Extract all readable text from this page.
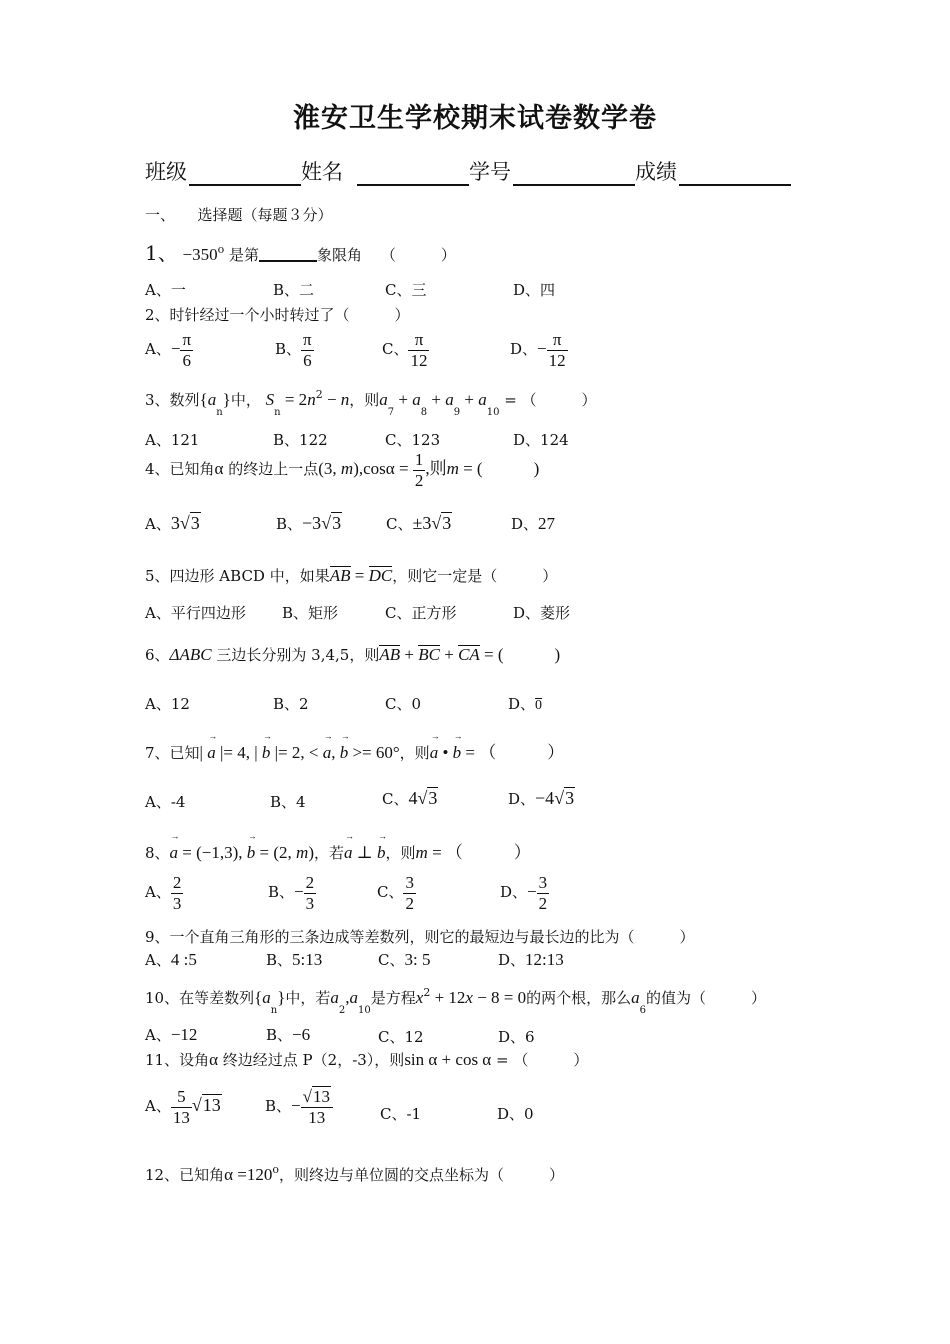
淮安卫生学校期末试卷数学卷
班级	姓名	学号	成绩
一、　　选择题（每题３分）
1、 $-350^o$ 是第	象限角 （　　　）
A、一	B、二	C、三	D、四
2、时针经过一个小时转过了（　　　）
A、− $\frac{\pi}{6}$	B、 $\frac{\pi}{6}$	C、 $\frac{\pi}{12}$	D、− $\frac{\pi}{12}$
3、数列$\{a_n\}$中， $S_n = 2n^2 - n$，则$a_7 + a_8 + a_9 + a_{10}$ = （　　　）
A、121	B、122	C、123	D、124
4、已知角α 的终边上一点(3, $m),\cos\alpha = \frac{1}{2}$ ,则m = (　　　)
A、3√3	B、−3√3	C、±3√3	D、27
5、四边形 ABCD 中，如果AB = DC，则它一定是（　　　）
A、平行四边形 B、矩形	C、正方形	D、菱形
6、ΔABC 三边长分别为 3,4,5，则AB + BC + CA = (　　　)
A、12	B、2	C、0	D、0
7、已知| → a |= 4, | → b |= 2, < → a, → b >= 60°，则→ a • → b = （　　　）
A、-4	B、4	C、4√3	D、−4√3
8、→ a = (−1,3), → b = (2, m)，若→ a ⊥ → b，则m = （　　　）
A、 $\frac{2}{3}$	B、− $\frac{2}{3}$	C、 $\frac{3}{2}$	D、− $\frac{3}{2}$
9、一个直角三角形的三条边成等差数列，则它的最短边与最长边的比为（　　　）
A、4 :5	B、5:13	C、3: 5	D、12:13
10、在等差数列$\{a_n\}$中，若$a_2,a_{10}$是方程$x^2 + 12x - 8 = 0$的两个根，那么$a_6$的值为（　　　）
A、−12	B、−6	C、12	D、6
11、设角α 终边经过点 P（2，-3），则sin α + cos α = （　　　）
A、 $\frac{5}{13} √13$	B、− $\frac{√13}{13}$	C、-1	D、0
12、已知角$\alpha =120^o$，则终边与单位圆的交点坐标为（　　　）
